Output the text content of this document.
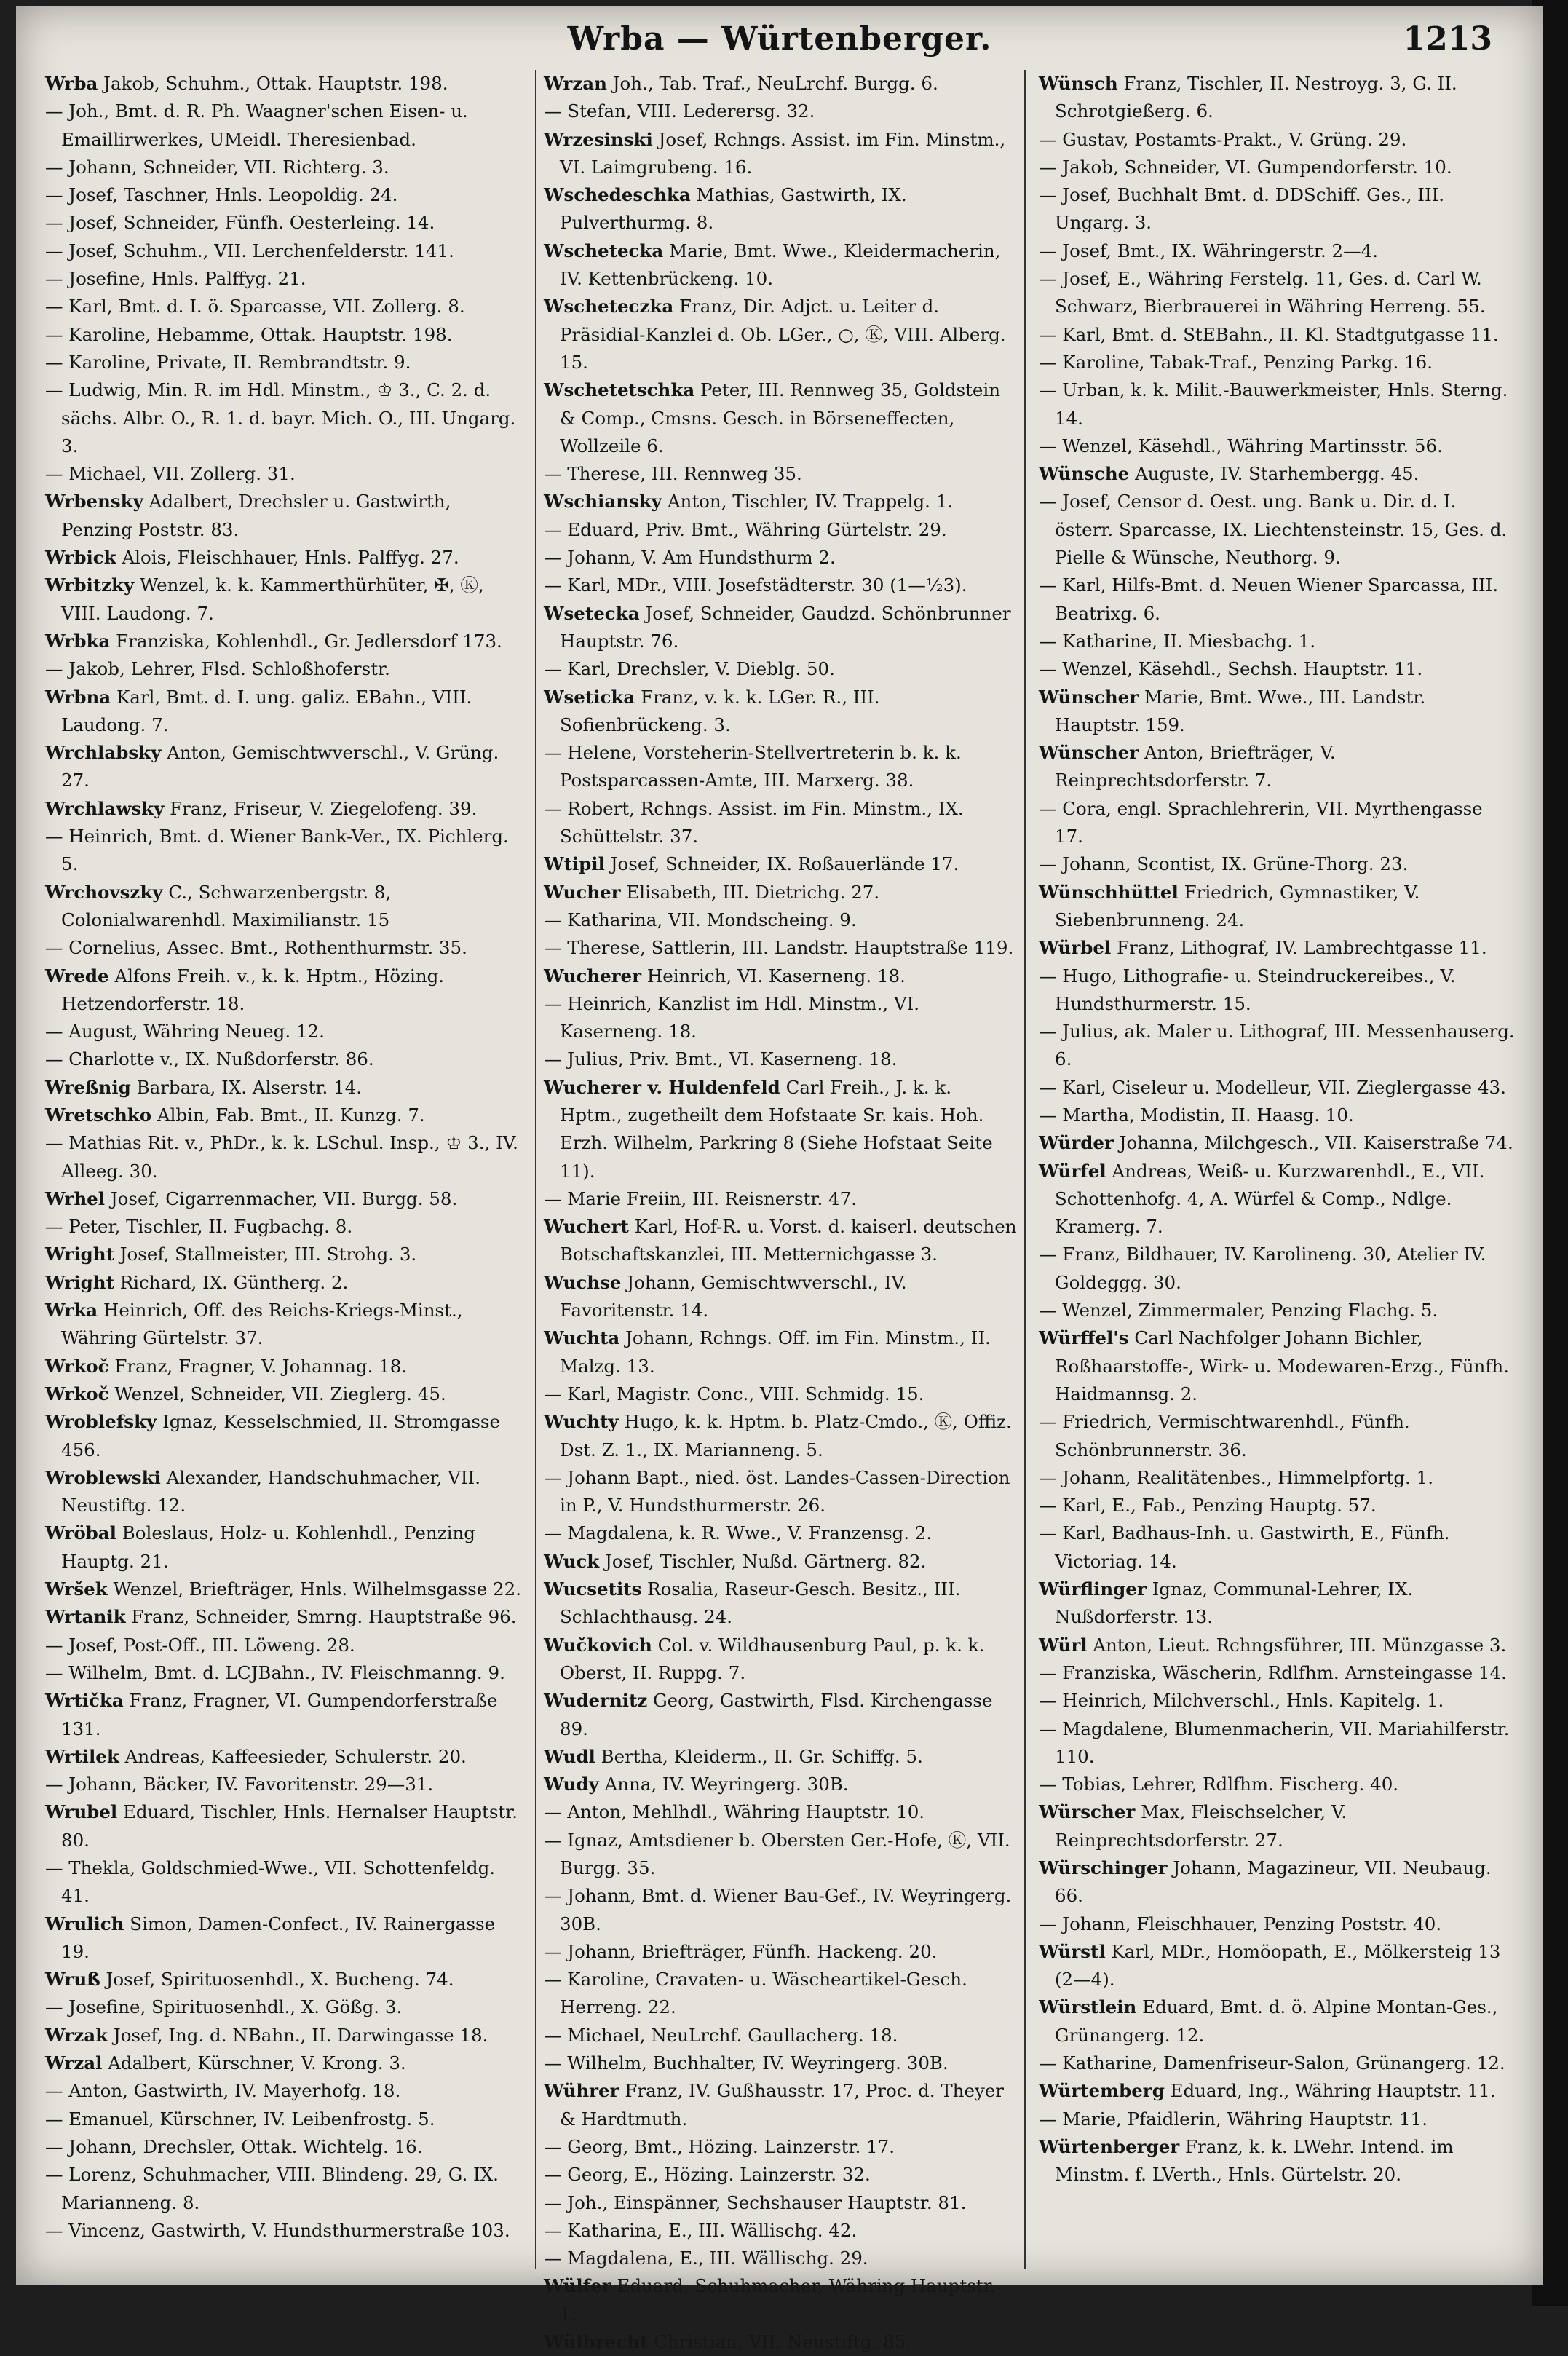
Wrba — Würtenberger.	1213

Wrba Jakob, Schuhm., Ottak. Hauptstr. 198.

— Joh., Bmt. d. R. Ph. Waagner'schen Eisen- u. Emaillirwerkes, UMeidl. Theresienbad.

— Johann, Schneider, VII. Richterg. 3.

— Josef, Taschner, Hnls. Leopoldig. 24.

— Josef, Schneider, Fünfh. Oesterleing. 14.

— Josef, Schuhm., VII. Lerchenfelderstr. 141.

— Josefine, Hnls. Palffyg. 21.

— Karl, Bmt. d. I. ö. Sparcasse, VII. Zollerg. 8.

— Karoline, Hebamme, Ottak. Hauptstr. 198.

— Karoline, Private, II. Rembrandtstr. 9.

— Ludwig, Min. R. im Hdl. Minstm., ♔ 3., C. 2. d. sächs. Albr. O., R. 1. d. bayr. Mich. O., III. Ungarg. 3.

— Michael, VII. Zollerg. 31.

Wrbensky Adalbert, Drechsler u. Gastwirth, Penzing Poststr. 83.

Wrbick Alois, Fleischhauer, Hnls. Palffyg. 27.

Wrbitzky Wenzel, k. k. Kammerthürhüter, ✠, Ⓚ, VIII. Laudong. 7.

Wrbka Franziska, Kohlenhdl., Gr. Jedlersdorf 173.

— Jakob, Lehrer, Flsd. Schloßhoferstr.

Wrbna Karl, Bmt. d. I. ung. galiz. EBahn., VIII. Laudong. 7.

Wrchlabsky Anton, Gemischtwverschl., V. Grüng. 27.

Wrchlawsky Franz, Friseur, V. Ziegelofeng. 39.

— Heinrich, Bmt. d. Wiener Bank-Ver., IX. Pichlerg. 5.

Wrchovszky C., Schwarzenbergstr. 8, Colonialwarenhdl. Maximilianstr. 15

— Cornelius, Assec. Bmt., Rothenthurmstr. 35.

Wrede Alfons Freih. v., k. k. Hptm., Hözing. Hetzendorferstr. 18.

— August, Währing Neueg. 12.

— Charlotte v., IX. Nußdorferstr. 86.

Wreßnig Barbara, IX. Alserstr. 14.

Wretschko Albin, Fab. Bmt., II. Kunzg. 7.

— Mathias Rit. v., PhDr., k. k. LSchul. Insp., ♔ 3., IV. Alleeg. 30.

Wrhel Josef, Cigarrenmacher, VII. Burgg. 58.

— Peter, Tischler, II. Fugbachg. 8.

Wright Josef, Stallmeister, III. Strohg. 3.

Wright Richard, IX. Güntherg. 2.

Wrka Heinrich, Off. des Reichs-Kriegs-Minst., Währing Gürtelstr. 37.

Wrkoč Franz, Fragner, V. Johannag. 18.

Wrkoč Wenzel, Schneider, VII. Zieglerg. 45.

Wroblefsky Ignaz, Kesselschmied, II. Stromgasse 456.

Wroblewski Alexander, Handschuhmacher, VII. Neustiftg. 12.

Wröbal Boleslaus, Holz- u. Kohlenhdl., Penzing Hauptg. 21.

Wršek Wenzel, Briefträger, Hnls. Wilhelmsgasse 22.

Wrtanik Franz, Schneider, Smrng. Hauptstraße 96.

— Josef, Post-Off., III. Löweng. 28.

— Wilhelm, Bmt. d. LCJBahn., IV. Fleischmanng. 9.

Wrtička Franz, Fragner, VI. Gumpendorferstraße 131.

Wrtilek Andreas, Kaffeesieder, Schulerstr. 20.

— Johann, Bäcker, IV. Favoritenstr. 29—31.

Wrubel Eduard, Tischler, Hnls. Hernalser Hauptstr. 80.

— Thekla, Goldschmied-Wwe., VII. Schottenfeldg. 41.

Wrulich Simon, Damen-Confect., IV. Rainergasse 19.

Wruß Josef, Spirituosenhdl., X. Bucheng. 74.

— Josefine, Spirituosenhdl., X. Gößg. 3.

Wrzak Josef, Ing. d. NBahn., II. Darwingasse 18.

Wrzal Adalbert, Kürschner, V. Krong. 3.

— Anton, Gastwirth, IV. Mayerhofg. 18.

— Emanuel, Kürschner, IV. Leibenfrostg. 5.

— Johann, Drechsler, Ottak. Wichtelg. 16.

— Lorenz, Schuhmacher, VIII. Blindeng. 29, G. IX. Marianneng. 8.

— Vincenz, Gastwirth, V. Hundsthurmerstraße 103.

Wrzan Joh., Tab. Traf., NeuLrchf. Burgg. 6.

— Stefan, VIII. Lederersg. 32.

Wrzesinski Josef, Rchngs. Assist. im Fin. Minstm., VI. Laimgrubeng. 16.

Wschedeschka Mathias, Gastwirth, IX. Pulverthurmg. 8.

Wschetecka Marie, Bmt. Wwe., Kleidermacherin, IV. Kettenbrückeng. 10.

Wscheteczka Franz, Dir. Adjct. u. Leiter d. Präsidial-Kanzlei d. Ob. LGer., ○, Ⓚ, VIII. Alberg. 15.

Wschetetschka Peter, III. Rennweg 35, Goldstein & Comp., Cmsns. Gesch. in Börseneffecten, Wollzeile 6.

— Therese, III. Rennweg 35.

Wschiansky Anton, Tischler, IV. Trappelg. 1.

— Eduard, Priv. Bmt., Währing Gürtelstr. 29.

— Johann, V. Am Hundsthurm 2.

— Karl, MDr., VIII. Josefstädterstr. 30 (1—½3).

Wsetecka Josef, Schneider, Gaudzd. Schönbrunner Hauptstr. 76.

— Karl, Drechsler, V. Dieblg. 50.

Wseticka Franz, v. k. k. LGer. R., III. Sofienbrückeng. 3.

— Helene, Vorsteherin-Stellvertreterin b. k. k. Postsparcassen-Amte, III. Marxerg. 38.

— Robert, Rchngs. Assist. im Fin. Minstm., IX. Schüttelstr. 37.

Wtipil Josef, Schneider, IX. Roßauerlände 17.

Wucher Elisabeth, III. Dietrichg. 27.

— Katharina, VII. Mondscheing. 9.

— Therese, Sattlerin, III. Landstr. Hauptstraße 119.

Wucherer Heinrich, VI. Kaserneng. 18.

— Heinrich, Kanzlist im Hdl. Minstm., VI. Kaserneng. 18.

— Julius, Priv. Bmt., VI. Kaserneng. 18.

Wucherer v. Huldenfeld Carl Freih., J. k. k. Hptm., zugetheilt dem Hofstaate Sr. kais. Hoh. Erzh. Wilhelm, Parkring 8 (Siehe Hofstaat Seite 11).

— Marie Freiin, III. Reisnerstr. 47.

Wuchert Karl, Hof-R. u. Vorst. d. kaiserl. deutschen Botschaftskanzlei, III. Metternichgasse 3.

Wuchse Johann, Gemischtwverschl., IV. Favoritenstr. 14.

Wuchta Johann, Rchngs. Off. im Fin. Minstm., II. Malzg. 13.

— Karl, Magistr. Conc., VIII. Schmidg. 15.

Wuchty Hugo, k. k. Hptm. b. Platz-Cmdo., Ⓚ, Offiz. Dst. Z. 1., IX. Marianneng. 5.

— Johann Bapt., nied. öst. Landes-Cassen-Direction in P., V. Hundsthurmerstr. 26.

— Magdalena, k. R. Wwe., V. Franzensg. 2.

Wuck Josef, Tischler, Nußd. Gärtnerg. 82.

Wucsetits Rosalia, Raseur-Gesch. Besitz., III. Schlachthausg. 24.

Wučkovich Col. v. Wildhausenburg Paul, p. k. k. Oberst, II. Ruppg. 7.

Wudernitz Georg, Gastwirth, Flsd. Kirchengasse 89.

Wudl Bertha, Kleiderm., II. Gr. Schiffg. 5.

Wudy Anna, IV. Weyringerg. 30B.

— Anton, Mehlhdl., Währing Hauptstr. 10.

— Ignaz, Amtsdiener b. Obersten Ger.-Hofe, Ⓚ, VII. Burgg. 35.

— Johann, Bmt. d. Wiener Bau-Gef., IV. Weyringerg. 30B.

— Johann, Briefträger, Fünfh. Hackeng. 20.

— Karoline, Cravaten- u. Wäscheartikel-Gesch. Herreng. 22.

— Michael, NeuLrchf. Gaullacherg. 18.

— Wilhelm, Buchhalter, IV. Weyringerg. 30B.

Wührer Franz, IV. Gußhausstr. 17, Proc. d. Theyer & Hardtmuth.

— Georg, Bmt., Hözing. Lainzerstr. 17.

— Georg, E., Hözing. Lainzerstr. 32.

— Joh., Einspänner, Sechshauser Hauptstr. 81.

— Katharina, E., III. Wällischg. 42.

— Magdalena, E., III. Wällischg. 29.

Wülfer Eduard, Schuhmacher, Währing Hauptstr. 1.

Wülbrecht Christian, VII. Neustiftg. 85.

Wünsch Franz, Tischler, II. Nestroyg. 3, G. II. Schrotgießerg. 6.

— Gustav, Postamts-Prakt., V. Grüng. 29.

— Jakob, Schneider, VI. Gumpendorferstr. 10.

— Josef, Buchhalt Bmt. d. DDSchiff. Ges., III. Ungarg. 3.

— Josef, Bmt., IX. Währingerstr. 2—4.

— Josef, E., Währing Ferstelg. 11, Ges. d. Carl W. Schwarz, Bierbrauerei in Währing Herreng. 55.

— Karl, Bmt. d. StEBahn., II. Kl. Stadtgutgasse 11.

— Karoline, Tabak-Traf., Penzing Parkg. 16.

— Urban, k. k. Milit.-Bauwerkmeister, Hnls. Sterng. 14.

— Wenzel, Käsehdl., Währing Martinsstr. 56.

Wünsche Auguste, IV. Starhembergg. 45.

— Josef, Censor d. Oest. ung. Bank u. Dir. d. I. österr. Sparcasse, IX. Liechtensteinstr. 15, Ges. d. Pielle & Wünsche, Neuthorg. 9.

— Karl, Hilfs-Bmt. d. Neuen Wiener Sparcassa, III. Beatrixg. 6.

— Katharine, II. Miesbachg. 1.

— Wenzel, Käsehdl., Sechsh. Hauptstr. 11.

Wünscher Marie, Bmt. Wwe., III. Landstr. Hauptstr. 159.

Wünscher Anton, Briefträger, V. Reinprechtsdorferstr. 7.

— Cora, engl. Sprachlehrerin, VII. Myrthengasse 17.

— Johann, Scontist, IX. Grüne-Thorg. 23.

Wünschhüttel Friedrich, Gymnastiker, V. Siebenbrunneng. 24.

Würbel Franz, Lithograf, IV. Lambrechtgasse 11.

— Hugo, Lithografie- u. Steindruckereibes., V. Hundsthurmerstr. 15.

— Julius, ak. Maler u. Lithograf, III. Messenhauserg. 6.

— Karl, Ciseleur u. Modelleur, VII. Zieglergasse 43.

— Martha, Modistin, II. Haasg. 10.

Würder Johanna, Milchgesch., VII. Kaiserstraße 74.

Würfel Andreas, Weiß- u. Kurzwarenhdl., E., VII. Schottenhofg. 4, A. Würfel & Comp., Ndlge. Kramerg. 7.

— Franz, Bildhauer, IV. Karolineng. 30, Atelier IV. Goldeggg. 30.

— Wenzel, Zimmermaler, Penzing Flachg. 5.

Würffel's Carl Nachfolger Johann Bichler, Roßhaarstoffe-, Wirk- u. Modewaren-Erzg., Fünfh. Haidmannsg. 2.

— Friedrich, Vermischtwarenhdl., Fünfh. Schönbrunnerstr. 36.

— Johann, Realitätenbes., Himmelpfortg. 1.

— Karl, E., Fab., Penzing Hauptg. 57.

— Karl, Badhaus-Inh. u. Gastwirth, E., Fünfh. Victoriag. 14.

Würflinger Ignaz, Communal-Lehrer, IX. Nußdorferstr. 13.

Würl Anton, Lieut. Rchngsführer, III. Münzgasse 3.

— Franziska, Wäscherin, Rdlfhm. Arnsteingasse 14.

— Heinrich, Milchverschl., Hnls. Kapitelg. 1.

— Magdalene, Blumenmacherin, VII. Mariahilferstr. 110.

— Tobias, Lehrer, Rdlfhm. Fischerg. 40.

Würscher Max, Fleischselcher, V. Reinprechtsdorferstr. 27.

Würschinger Johann, Magazineur, VII. Neubaug. 66.

— Johann, Fleischhauer, Penzing Poststr. 40.

Würstl Karl, MDr., Homöopath, E., Mölkersteig 13 (2—4).

Würstlein Eduard, Bmt. d. ö. Alpine Montan-Ges., Grünangerg. 12.

— Katharine, Damenfriseur-Salon, Grünangerg. 12.

Würtemberg Eduard, Ing., Währing Hauptstr. 11.

— Marie, Pfaidlerin, Währing Hauptstr. 11.

Würtenberger Franz, k. k. LWehr. Intend. im Minstm. f. LVerth., Hnls. Gürtelstr. 20.
